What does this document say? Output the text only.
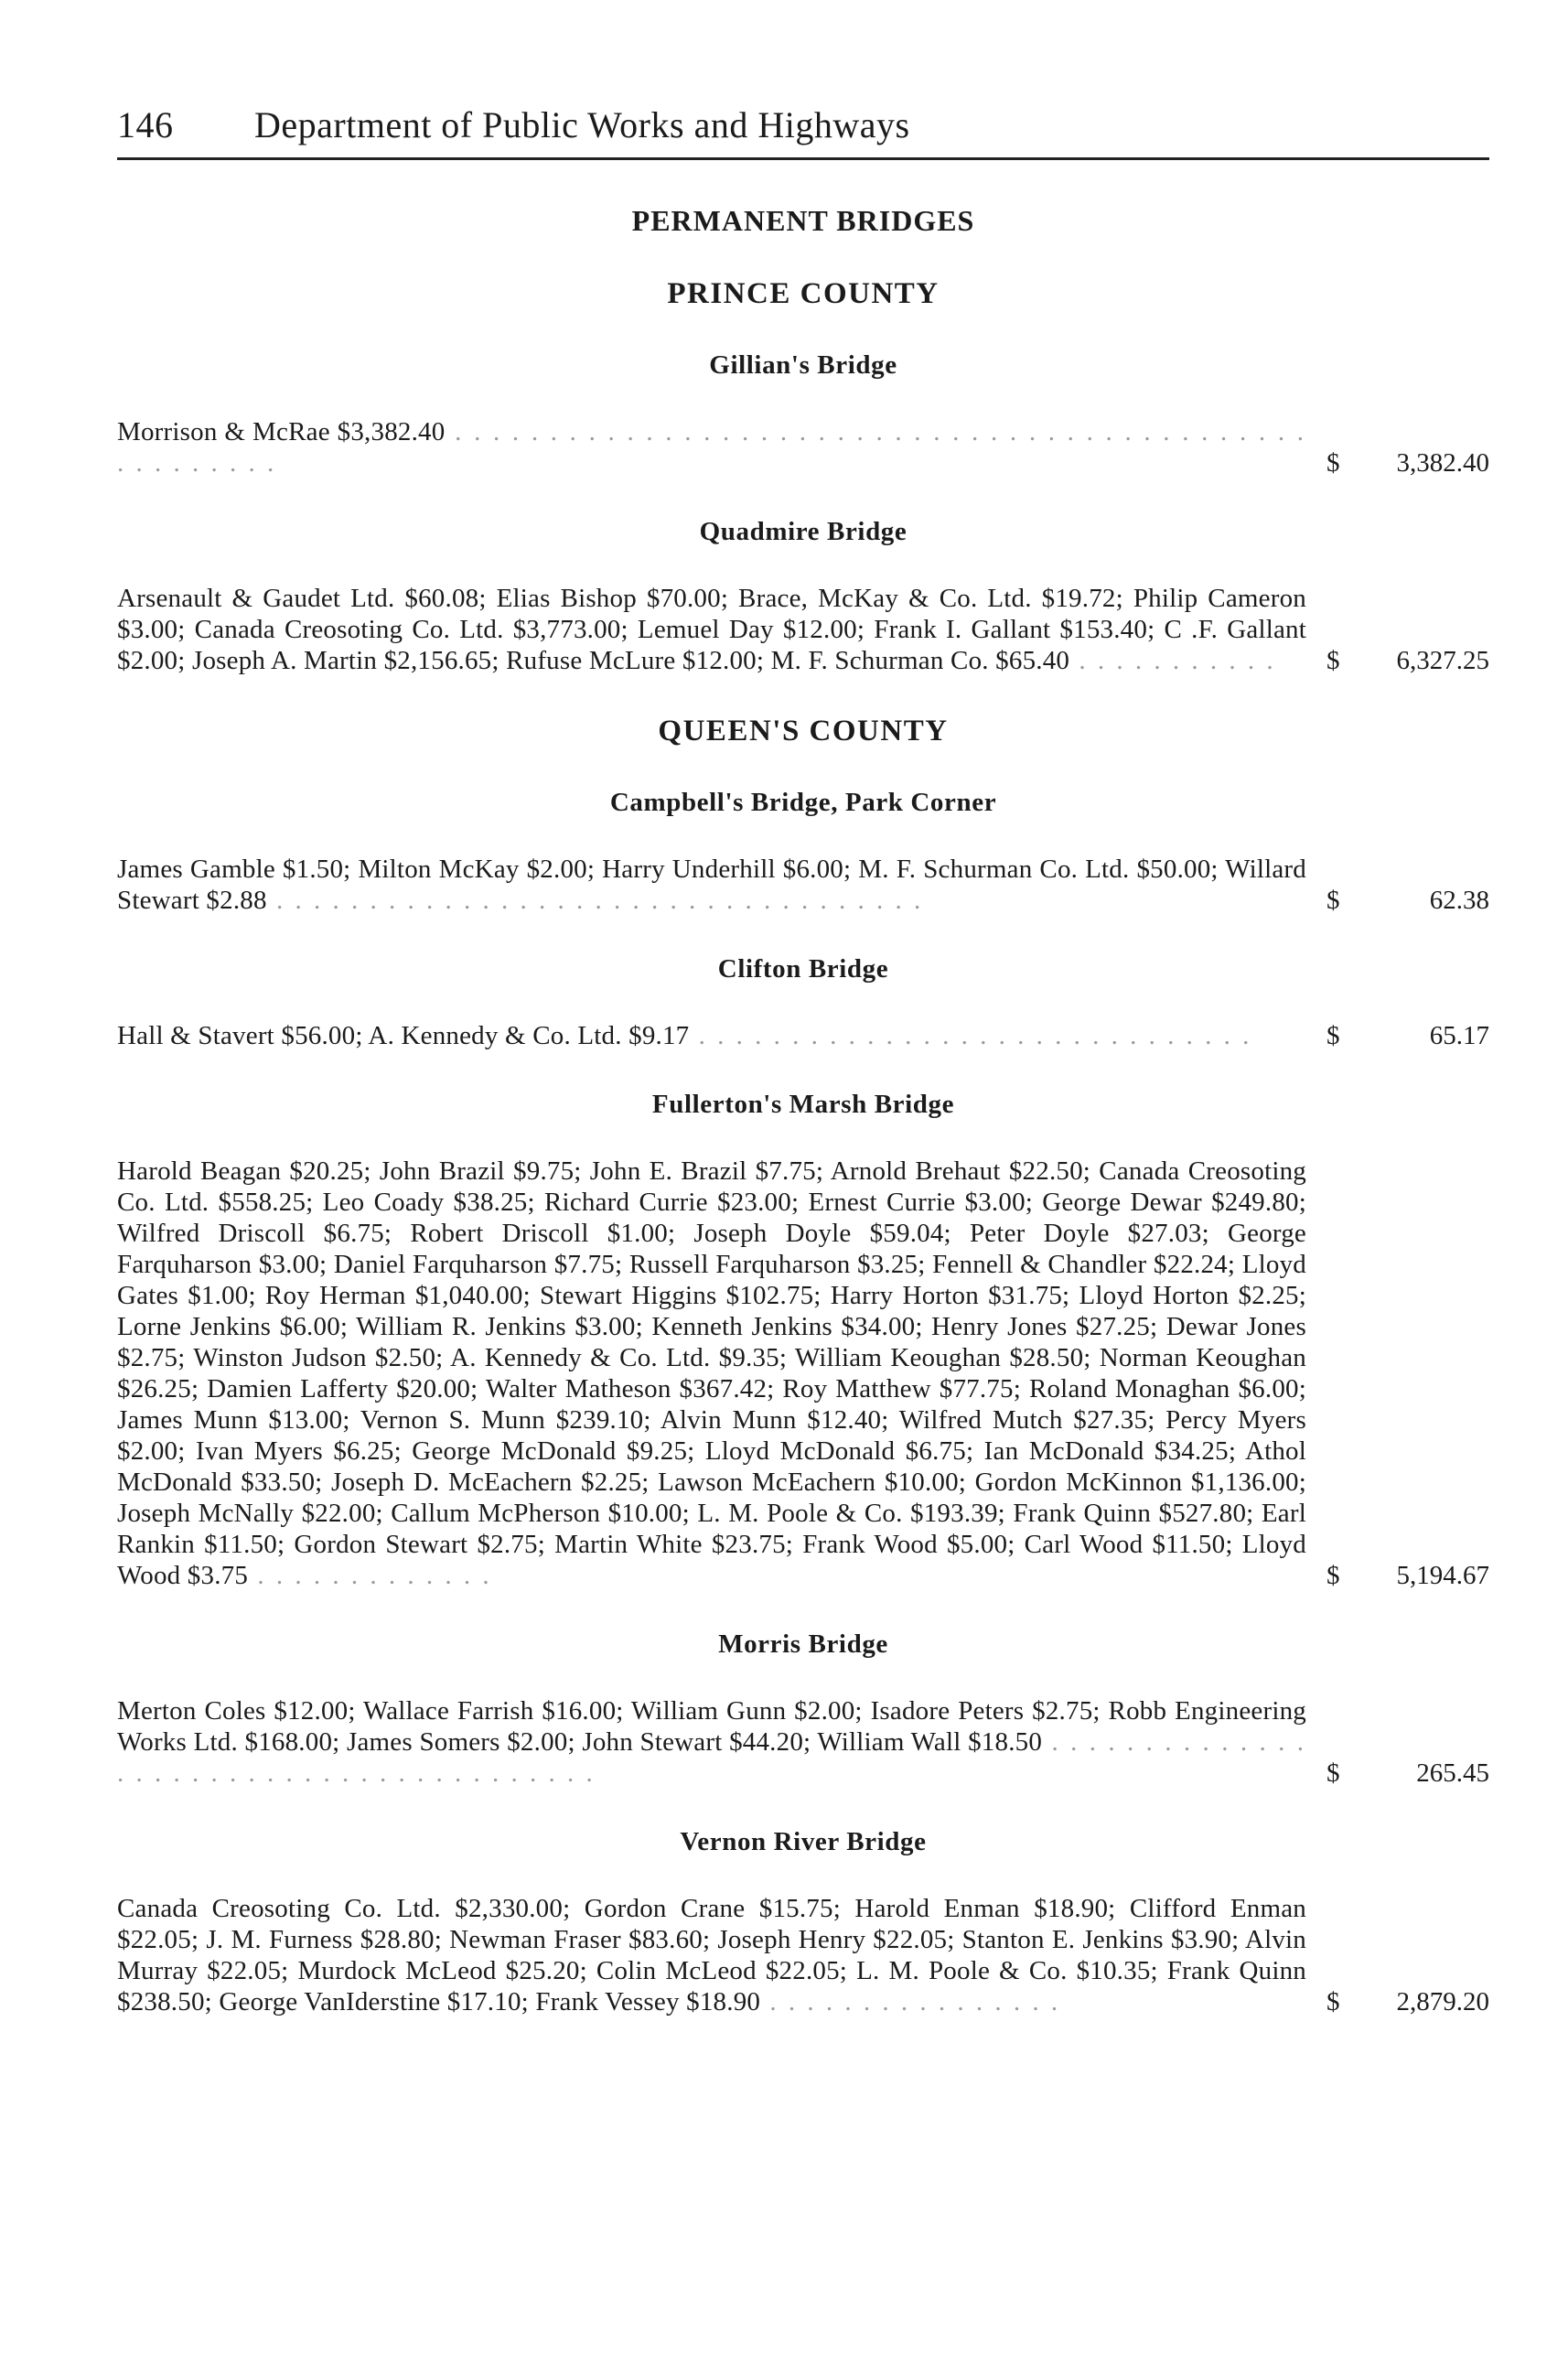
146	Department of Public Works and Highways
PERMANENT BRIDGES
PRINCE COUNTY
Gillian's Bridge
Morrison & McRae $3,382.40 . . . . . . . . . . . . . . . . . . . . . . . . . . . . . . . . . . . . . . . . . . . . . . . . . . . . . .	$	3,382.40
Quadmire Bridge
Arsenault & Gaudet Ltd. $60.08; Elias Bishop $70.00; Brace, McKay & Co. Ltd. $19.72; Philip Cameron $3.00; Canada Creosoting Co. Ltd. $3,773.00; Lemuel Day $12.00; Frank I. Gallant $153.40; C .F. Gallant $2.00; Joseph A. Martin $2,156.65; Rufuse McLure $12.00; M. F. Schurman Co. $65.40 . . . . . . . . . . .	$	6,327.25
QUEEN'S COUNTY
Campbell's Bridge, Park Corner
James Gamble $1.50; Milton McKay $2.00; Harry Underhill $6.00; M. F. Schurman Co. Ltd. $50.00; Willard Stewart $2.88 . . . . . . . . . . . . . . . . . . . . . . . . . . . . . . . . . . .	$	62.38
Clifton Bridge
Hall & Stavert $56.00; A. Kennedy & Co. Ltd. $9.17 . . . . . . . . . . . . . . . . . . . . . . . . . . . . . .	$	65.17
Fullerton's Marsh Bridge
Harold Beagan $20.25; John Brazil $9.75; John E. Brazil $7.75; Arnold Brehaut $22.50; Canada Creosoting Co. Ltd. $558.25; Leo Coady $38.25; Richard Currie $23.00; Ernest Currie $3.00; George Dewar $249.80; Wilfred Driscoll $6.75; Robert Driscoll $1.00; Joseph Doyle $59.04; Peter Doyle $27.03; George Farquharson $3.00; Daniel Farquharson $7.75; Russell Farquharson $3.25; Fennell & Chandler $22.24; Lloyd Gates $1.00; Roy Herman $1,040.00; Stewart Higgins $102.75; Harry Horton $31.75; Lloyd Horton $2.25; Lorne Jenkins $6.00; William R. Jenkins $3.00; Kenneth Jenkins $34.00; Henry Jones $27.25; Dewar Jones $2.75; Winston Judson $2.50; A. Kennedy & Co. Ltd. $9.35; William Keoughan $28.50; Norman Keoughan $26.25; Damien Lafferty $20.00; Walter Matheson $367.42; Roy Matthew $77.75; Roland Monaghan $6.00; James Munn $13.00; Vernon S. Munn $239.10; Alvin Munn $12.40; Wilfred Mutch $27.35; Percy Myers $2.00; Ivan Myers $6.25; George McDonald $9.25; Lloyd McDonald $6.75; Ian McDonald $34.25; Athol McDonald $33.50; Joseph D. McEachern $2.25; Lawson McEachern $10.00; Gordon McKinnon $1,136.00; Joseph McNally $22.00; Callum McPherson $10.00; L. M. Poole & Co. $193.39; Frank Quinn $527.80; Earl Rankin $11.50; Gordon Stewart $2.75; Martin White $23.75; Frank Wood $5.00; Carl Wood $11.50; Lloyd Wood $3.75 . . . . . . . . . . . . .	$	5,194.67
Morris Bridge
Merton Coles $12.00; Wallace Farrish $16.00; William Gunn $2.00; Isadore Peters $2.75; Robb Engineering Works Ltd. $168.00; James Somers $2.00; John Stewart $44.20; William Wall $18.50 . . . . . . . . . . . . . . . . . . . . . . . . . . . . . . . . . . . . . . . .	$	265.45
Vernon River Bridge
Canada Creosoting Co. Ltd. $2,330.00; Gordon Crane $15.75; Harold Enman $18.90; Clifford Enman $22.05; J. M. Furness $28.80; Newman Fraser $83.60; Joseph Henry $22.05; Stanton E. Jenkins $3.90; Alvin Murray $22.05; Murdock McLeod $25.20; Colin McLeod $22.05; L. M. Poole & Co. $10.35; Frank Quinn $238.50; George VanIderstine $17.10; Frank Vessey $18.90 . . . . . . . . . . . . . . . .	$	2,879.20
